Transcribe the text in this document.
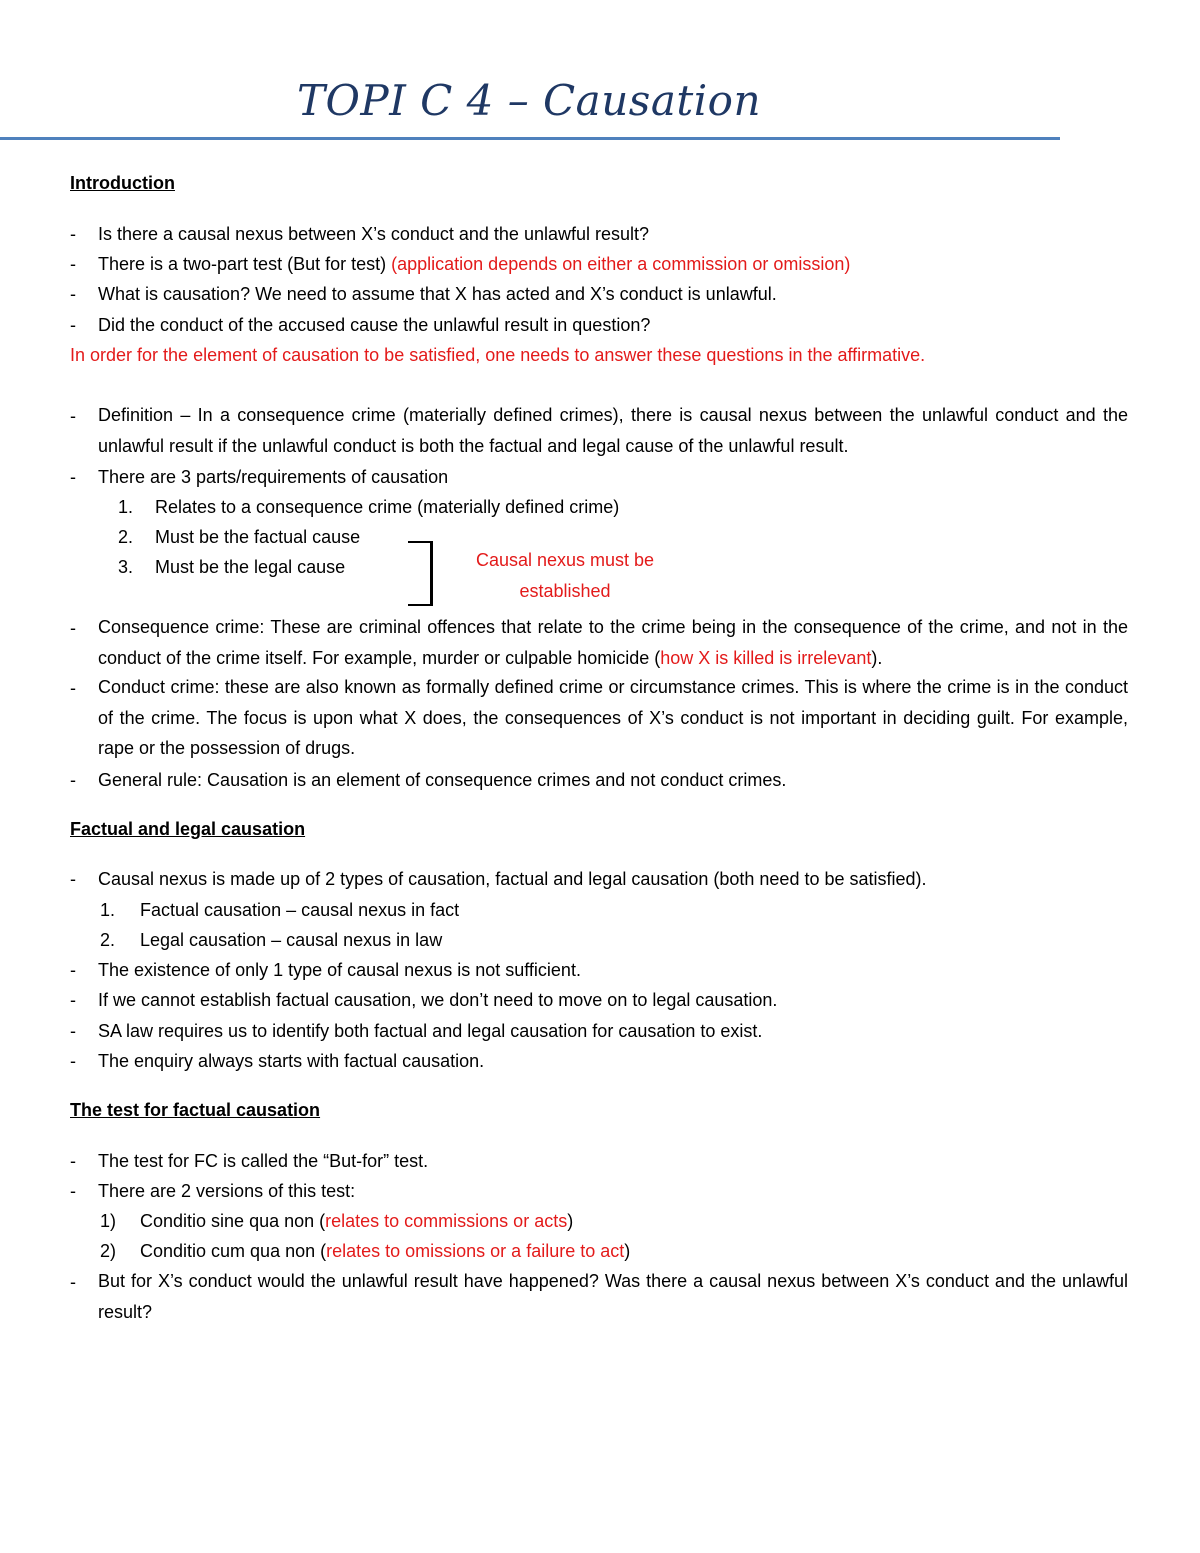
TOPI C 4 – Causation

Introduction

- Is there a causal nexus between X’s conduct and the unlawful result?
- There is a two-part test (But for test) (application depends on either a commission or omission)
- What is causation? We need to assume that X has acted and X’s conduct is unlawful.
- Did the conduct of the accused cause the unlawful result in question?
In order for the element of causation to be satisfied, one needs to answer these questions in the affirmative.
- Definition – In a consequence crime (materially defined crimes), there is causal nexus between the unlawful conduct and the unlawful result if the unlawful conduct is both the factual and legal cause of the unlawful result.
- There are 3 parts/requirements of causation
1. Relates to a consequence crime (materially defined crime)
2. Must be the factual cause
3. Must be the legal cause	Causal nexus must be
established
- Consequence crime: These are criminal offences that relate to the crime being in the consequence of the crime, and not in the conduct of the crime itself. For example, murder or culpable homicide (how X is killed is irrelevant).
- Conduct crime: these are also known as formally defined crime or circumstance crimes. This is where the crime is in the conduct of the crime. The focus is upon what X does, the consequences of X’s conduct is not important in deciding guilt. For example, rape or the possession of drugs.
- General rule: Causation is an element of consequence crimes and not conduct crimes.

Factual and legal causation

- Causal nexus is made up of 2 types of causation, factual and legal causation (both need to be satisfied).
1. Factual causation – causal nexus in fact
2. Legal causation – causal nexus in law
- The existence of only 1 type of causal nexus is not sufficient.
- If we cannot establish factual causation, we don’t need to move on to legal causation.
- SA law requires us to identify both factual and legal causation for causation to exist.
- The enquiry always starts with factual causation.

The test for factual causation

- The test for FC is called the “But-for” test.
- There are 2 versions of this test:
1) Conditio sine qua non (relates to commissions or acts)
2) Conditio cum qua non (relates to omissions or a failure to act)
- But for X’s conduct would the unlawful result have happened? Was there a causal nexus between X’s conduct and the unlawful result?
